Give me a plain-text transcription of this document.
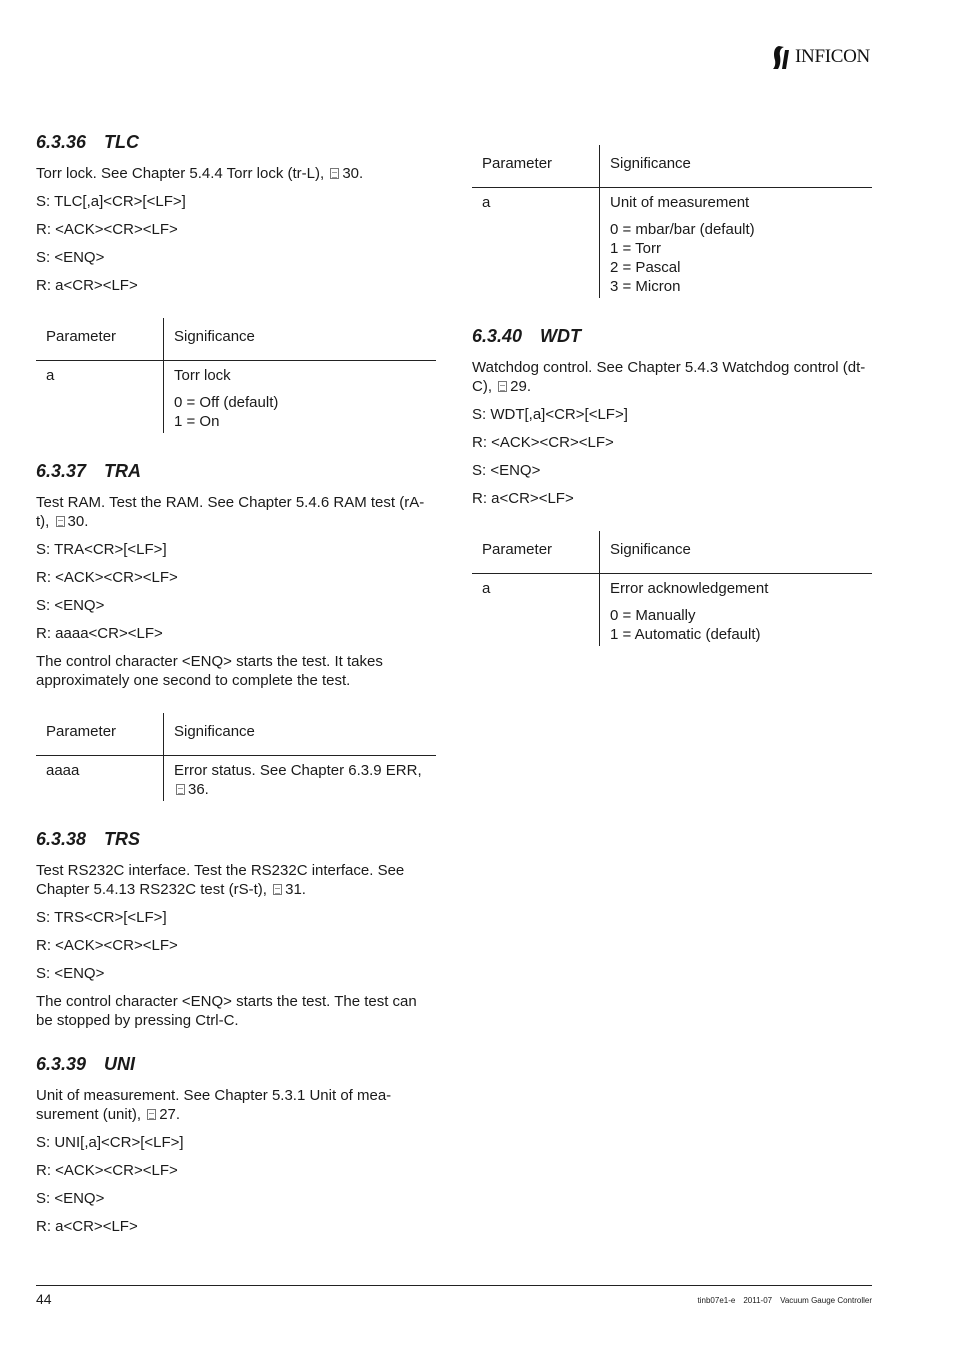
INFICON
6.3.36 TLC
Torr lock. See Chapter 5.4.4 Torr lock (tr-L), 30.
S: TLC[,a]<CR>[<LF>]
R: <ACK><CR><LF>
S: <ENQ>
R: a<CR><LF>
Parameter	Significance
a	Torr lock
0 = Off (default)
1 = On
6.3.37 TRA
Test RAM. Test the RAM. See Chapter 5.4.6 RAM test (rA-t), 30.
S: TRA<CR>[<LF>]
R: <ACK><CR><LF>
S: <ENQ>
R: aaaa<CR><LF>
The control character <ENQ> starts the test. It takes approximately one second to complete the test.
Parameter	Significance
aaaa	Error status. See Chapter 6.3.9 ERR, 36.
6.3.38 TRS
Test RS232C interface. Test the RS232C interface. See Chapter 5.4.13 RS232C test (rS-t), 31.
S: TRS<CR>[<LF>]
R: <ACK><CR><LF>
S: <ENQ>
The control character <ENQ> starts the test. The test can be stopped by pressing Ctrl-C.
6.3.39 UNI
Unit of measurement. See Chapter 5.3.1 Unit of mea-
surement (unit), 27.
S: UNI[,a]<CR>[<LF>]
R: <ACK><CR><LF>
S: <ENQ>
R: a<CR><LF>
Parameter	Significance
a	Unit of measurement
0 = mbar/bar (default)
1 = Torr
2 = Pascal
3 = Micron
6.3.40 WDT
Watchdog control. See Chapter 5.4.3 Watchdog control (dt-C), 29.
S: WDT[,a]<CR>[<LF>]
R: <ACK><CR><LF>
S: <ENQ>
R: a<CR><LF>
Parameter	Significance
a	Error acknowledgement
0 = Manually
1 = Automatic (default)
44	tinb07e1-e 2011-07 Vacuum Gauge Controller
